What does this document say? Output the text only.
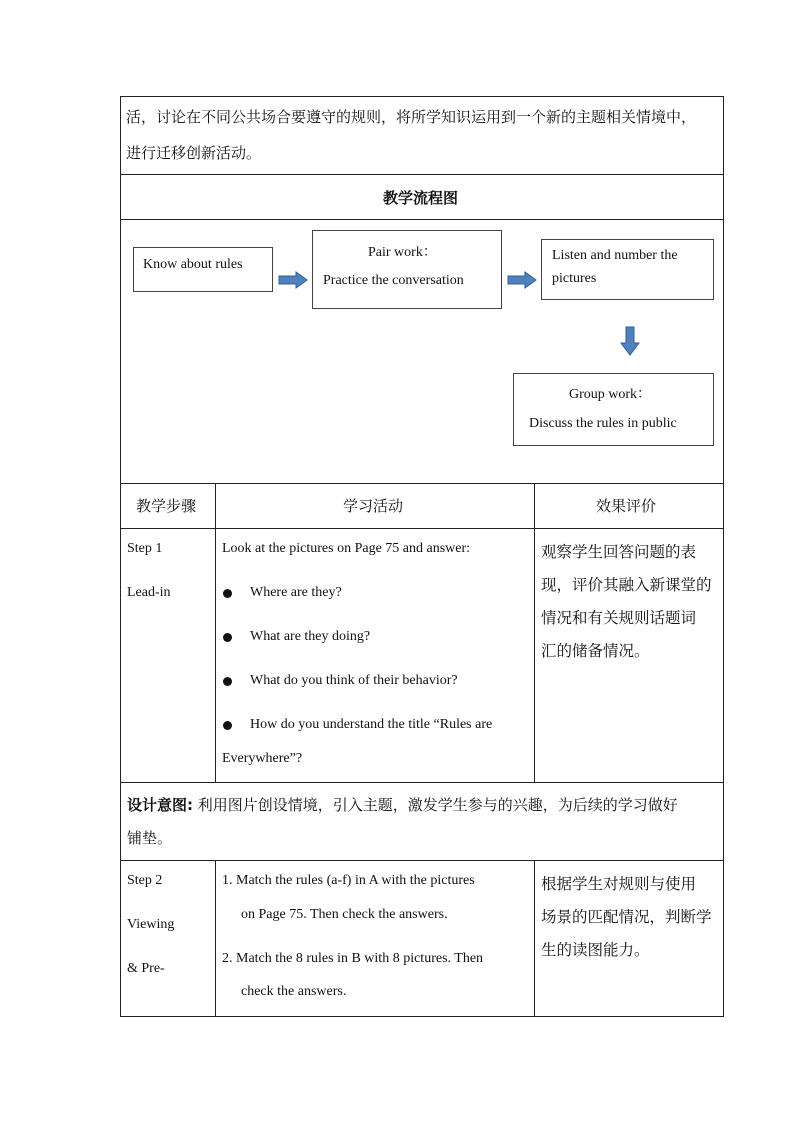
活，讨论在不同公共场合要遵守的规则，将所学知识运用到一个新的主题相关情境中，
进行迁移创新活动。
教学流程图
Know about rules
Pair work：
Practice the conversation
Listen and number the
pictures
Group work：
Discuss the rules in public
教学步骤	学习活动	效果评价
Step 1
Lead-in
Look at the pictures on Page 75 and answer:
Where are they?
What are they doing?
What do you think of their behavior?
How do you understand the title “Rules are
Everywhere”?
观察学生回答问题的表
现，评价其融入新课堂的
情况和有关规则话题词
汇的储备情况。
设计意图: 利用图片创设情境，引入主题，激发学生参与的兴趣，为后续的学习做好
铺垫。
Step 2
Viewing
& Pre-
1. Match the rules (a-f) in A with the pictures
on Page 75. Then check the answers.
2. Match the 8 rules in B with 8 pictures. Then
check the answers.
根据学生对规则与使用
场景的匹配情况，判断学
生的读图能力。
